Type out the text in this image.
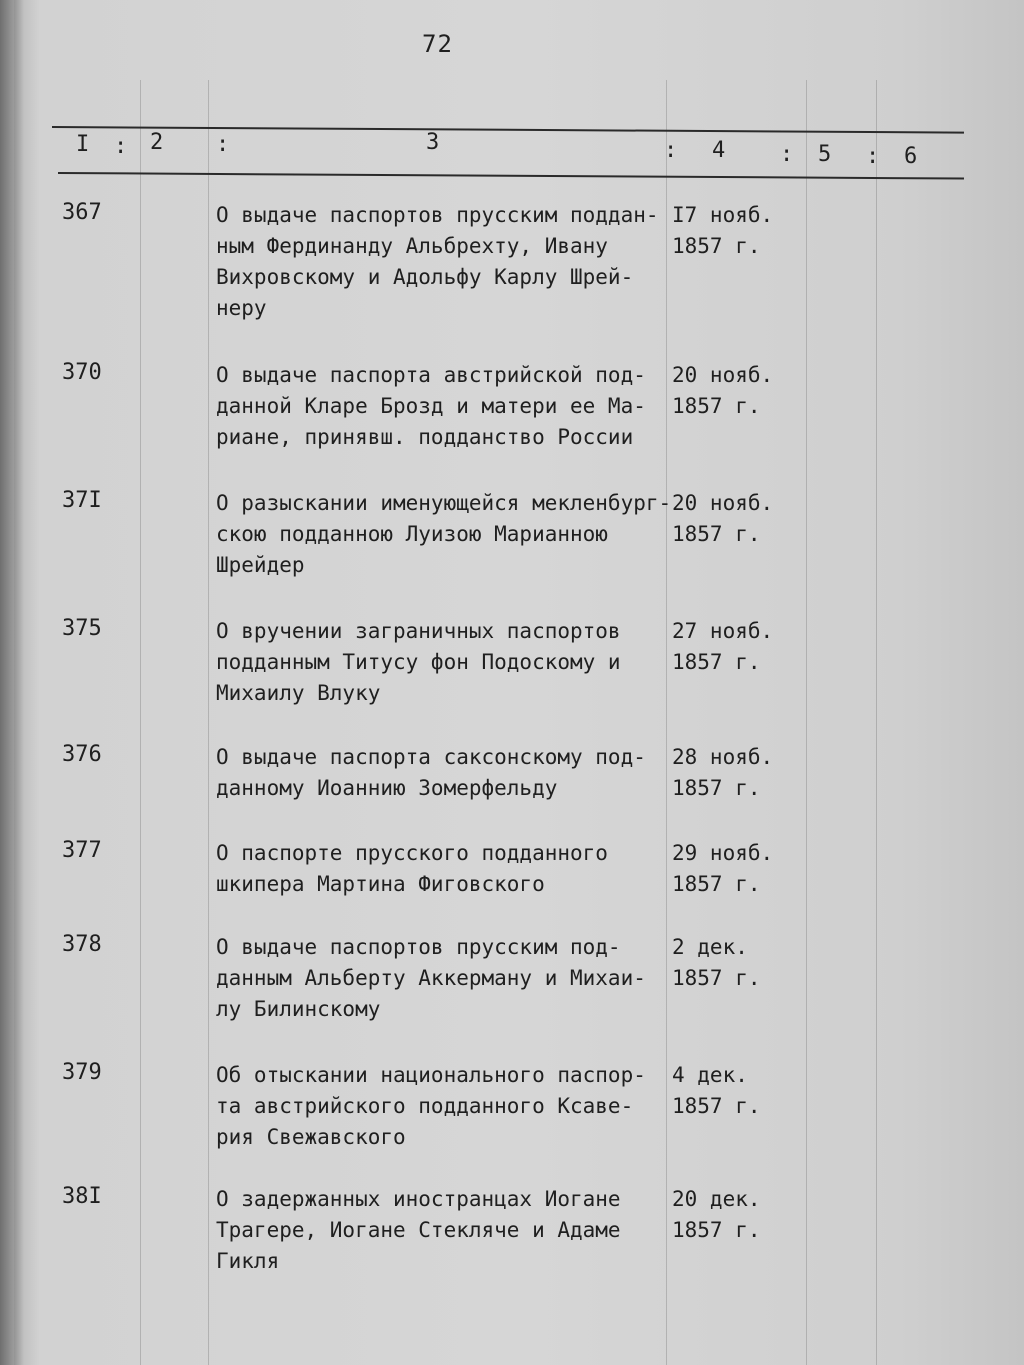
72
I : 2 :	3	: 4 : 5 : 6
367	О выдаче паспортов прусским поддан-
ным Фердинанду Альбрехту, Ивану
Вихровскому и Адольфу Карлу Шрей-
неру
I7 нояб.
1857 г.
370	О выдаче паспорта австрийской под-
данной Кларе Брозд и матери ее Ма-
риане, принявш. подданство России
20 нояб.
1857 г.
37I	О разыскании именующейся мекленбург-
скою подданною Луизою Марианною
Шрейдер
20 нояб.
1857 г.
375	О вручении заграничных паспортов
подданным Титусу фон Подоскому и
Михаилу Влуку
27 нояб.
1857 г.
376	О выдаче паспорта саксонскому под-
данному Иоаннию Зомерфельду
28 нояб.
1857 г.
377	О паспорте прусского подданного
шкипера Мартина Фиговского
29 нояб.
1857 г.
378	О выдаче паспортов прусским под-
данным Альберту Аккерману и Михаи-
лу Билинскому
2 дек.
1857 г.
379	Об отыскании национального паспор-
та австрийского подданного Ксаве-
рия Свежавского
4 дек.
1857 г.
38I	О задержанных иностранцах Иогане
Трагере, Иогане Стекляче и Адаме
Гикля
20 дек.
1857 г.
